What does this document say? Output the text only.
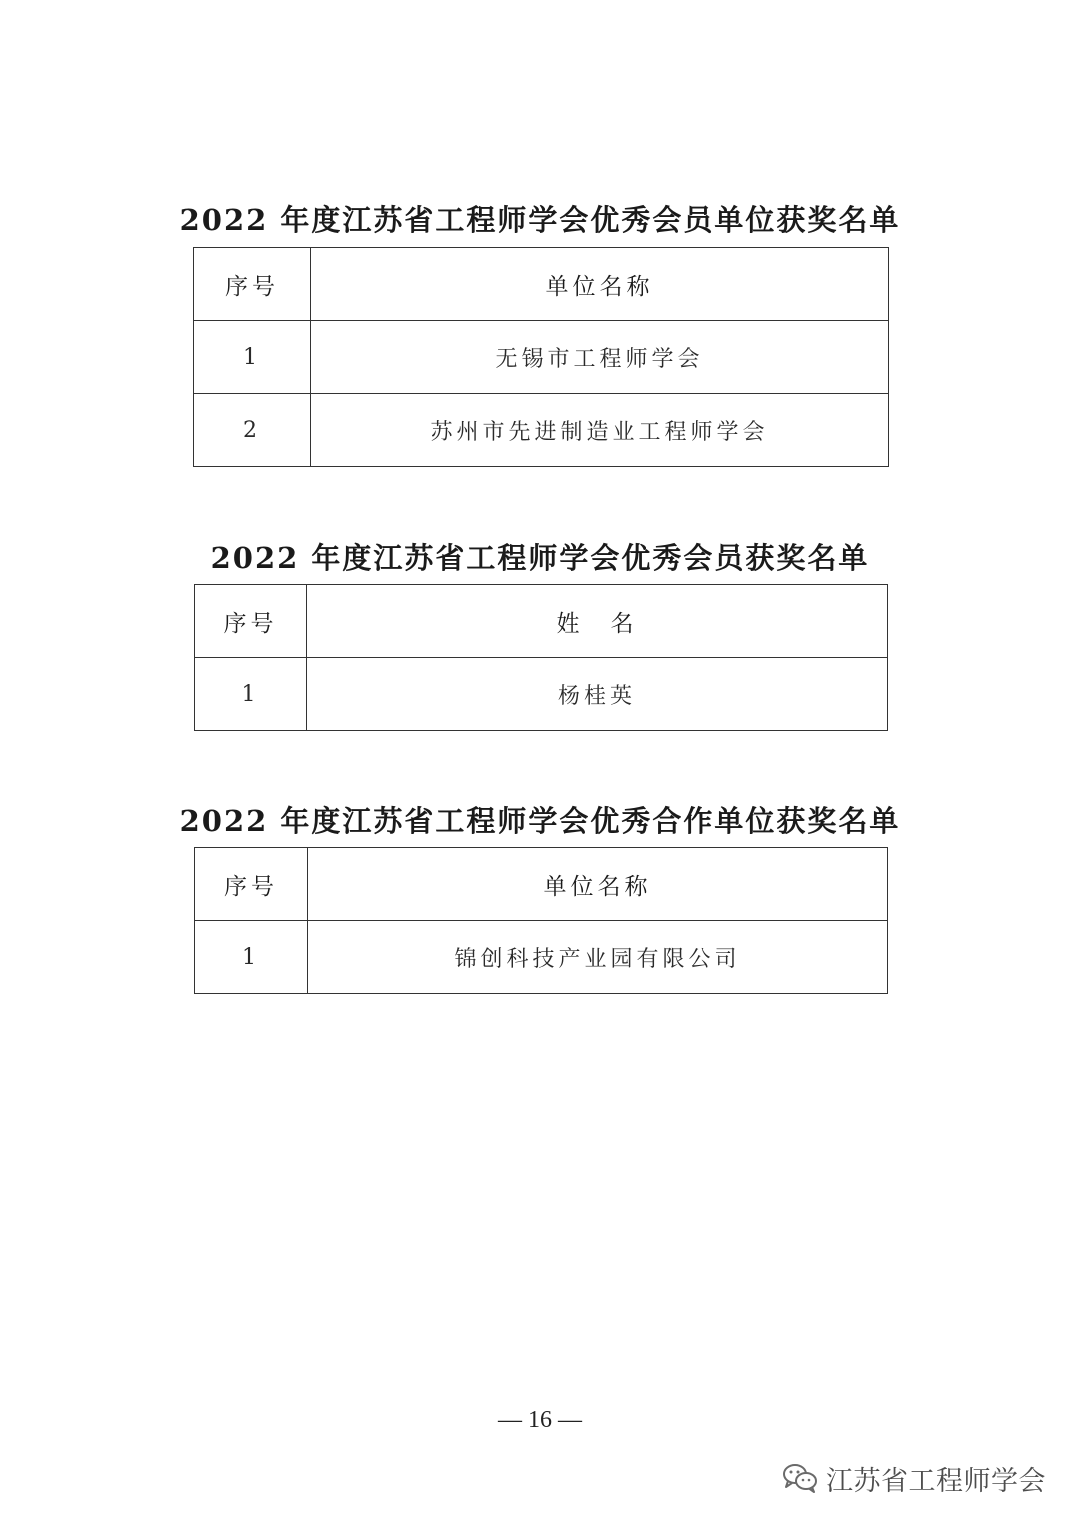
2022 年度江苏省工程师学会优秀会员单位获奖名单
序号	单位名称
1	无锡市工程师学会
2	苏州市先进制造业工程师学会
2022 年度江苏省工程师学会优秀会员获奖名单
序号	姓　名
1	杨桂英
2022 年度江苏省工程师学会优秀合作单位获奖名单
序号	单位名称
1	锦创科技产业园有限公司
— 16 —
江苏省工程师学会
